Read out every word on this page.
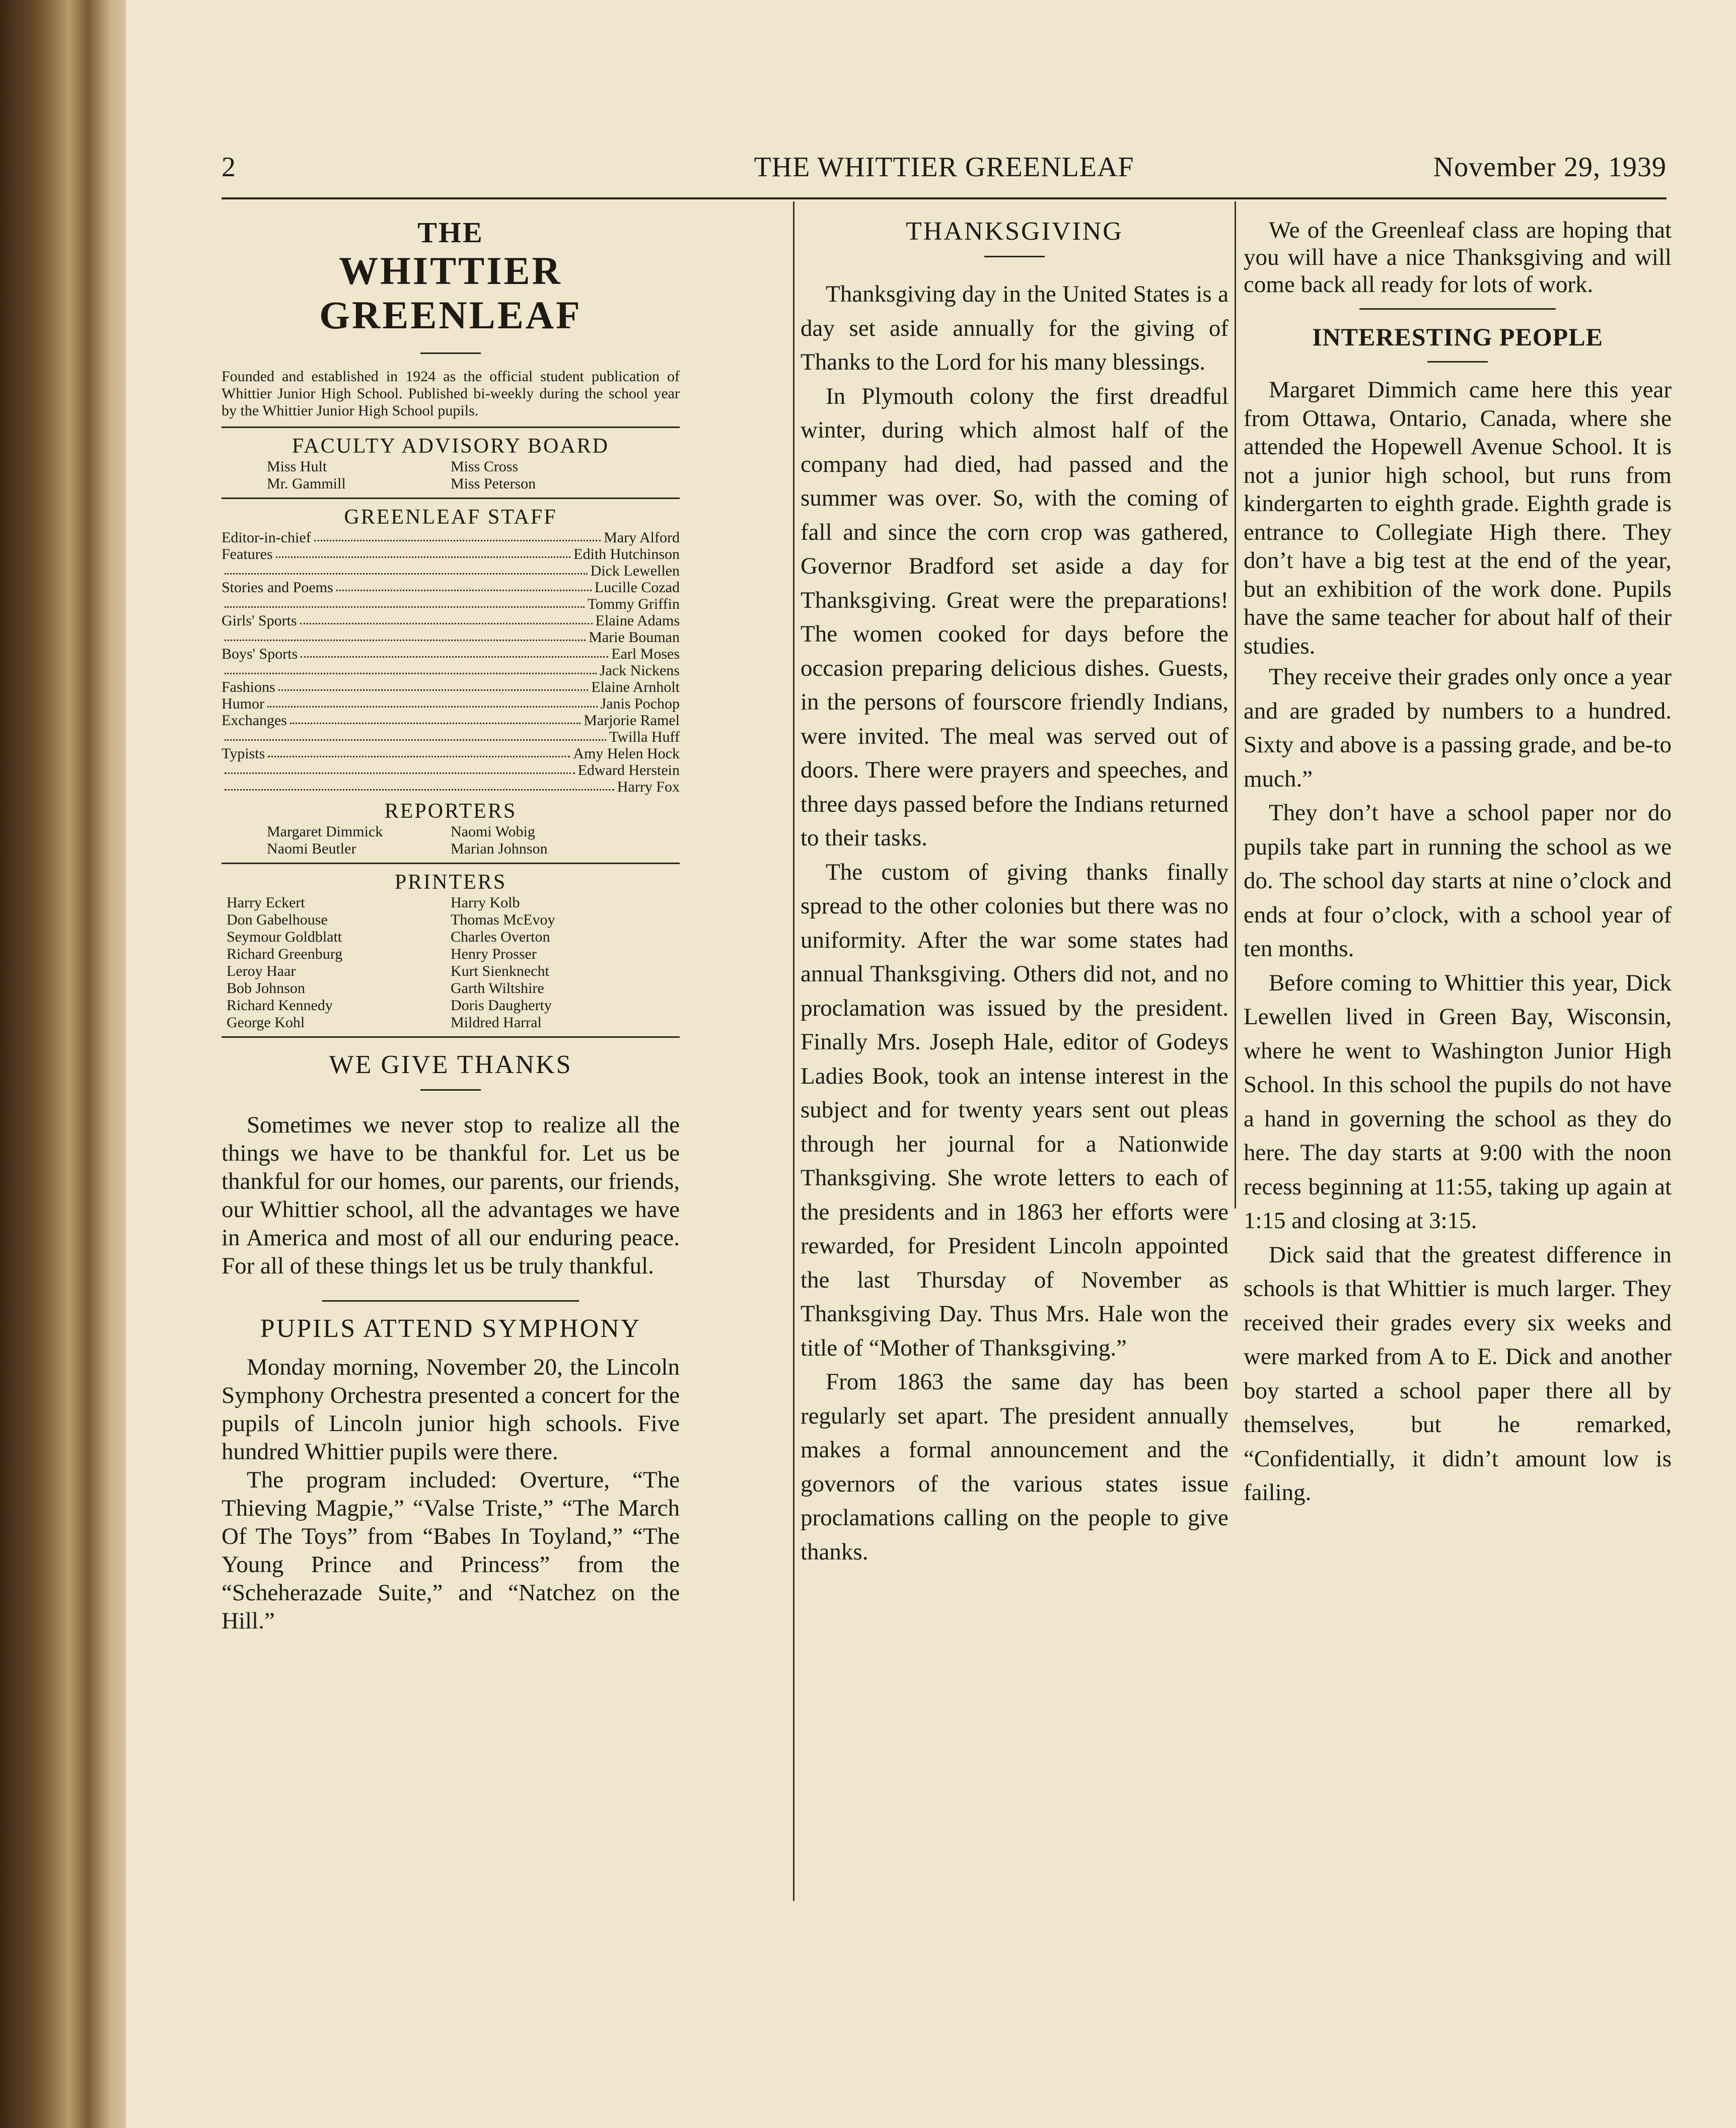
2	THE WHITTIER GREENLEAF	November 29, 1939
THE
WHITTIER GREENLEAF

Founded and established in 1924 as the official student publication of Whittier Junior High School. Published bi-weekly during the school year by the Whittier Junior High School pupils.

FACULTY ADVISORY BOARD

Miss Hult	Miss Cross
Mr. Gammill	Miss Peterson

GREENLEAF STAFF

Editor-in-chief	Mary Alford
Features	Edith Hutchinson
Dick Lewellen
Stories and Poems	Lucille Cozad
Tommy Griffin
Girls' Sports	Elaine Adams
Marie Bouman
Boys' Sports	Earl Moses
Jack Nickens
Fashions	Elaine Arnholt
Humor	Janis Pochop
Exchanges	Marjorie Ramel
Twilla Huff
Typists	Amy Helen Hock
Edward Herstein
Harry Fox

REPORTERS

Margaret Dimmick	Naomi Wobig
Naomi Beutler	Marian Johnson

PRINTERS

Harry Eckert	Harry Kolb
Don Gabelhouse	Thomas McEvoy
Seymour Goldblatt	Charles Overton
Richard Greenburg	Henry Prosser
Leroy Haar	Kurt Sienknecht
Bob Johnson	Garth Wiltshire
Richard Kennedy	Doris Daugherty
George Kohl	Mildred Harral
WE GIVE THANKS

Sometimes we never stop to realize all the things we have to be thankful for. Let us be thankful for our homes, our parents, our friends, our Whittier school, all the advantages we have in America and most of all our enduring peace. For all of these things let us be truly thankful.

PUPILS ATTEND SYMPHONY

Monday morning, November 20, the Lincoln Symphony Orchestra presented a concert for the pupils of Lincoln junior high schools. Five hundred Whittier pupils were there.

The program included: Overture, “The Thieving Magpie,” “Valse Triste,” “The March Of The Toys” from “Babes In Toyland,” “The Young Prince and Princess” from the “Scheherazade Suite,” and “Natchez on the Hill.”

THANKSGIVING

Thanksgiving day in the United States is a day set aside annually for the giving of Thanks to the Lord for his many blessings.

In Plymouth colony the first dreadful winter, during which almost half of the company had died, had passed and the summer was over. So, with the coming of fall and since the corn crop was gathered, Governor Bradford set aside a day for Thanksgiving. Great were the preparations! The women cooked for days before the occasion preparing delicious dishes. Guests, in the persons of fourscore friendly Indians, were invited. The meal was served out of doors. There were prayers and speeches, and three days passed before the Indians returned to their tasks.

The custom of giving thanks finally spread to the other colonies but there was no uniformity. After the war some states had annual Thanksgiving. Others did not, and no proclamation was issued by the president. Finally Mrs. Joseph Hale, editor of Godeys Ladies Book, took an intense interest in the subject and for twenty years sent out pleas through her journal for a Nationwide Thanksgiving. She wrote letters to each of the presidents and in 1863 her efforts were rewarded, for President Lincoln appointed the last Thursday of November as Thanksgiving Day. Thus Mrs. Hale won the title of “Mother of Thanksgiving.”

From 1863 the same day has been regularly set apart. The president annually makes a formal announcement and the governors of the various states issue proclamations calling on the people to give thanks.

We of the Greenleaf class are hoping that you will have a nice Thanksgiving and will come back all ready for lots of work.

INTERESTING PEOPLE

Margaret Dimmich came here this year from Ottawa, Ontario, Canada, where she attended the Hopewell Avenue School. It is not a junior high school, but runs from kindergarten to eighth grade. Eighth grade is entrance to Collegiate High there. They don’t have a big test at the end of the year, but an exhibition of the work done. Pupils have the same teacher for about half of their studies.

They receive their grades only once a year and are graded by numbers to a hundred. Sixty and above is a passing grade, and be-to much.”

They don’t have a school paper nor do pupils take part in running the school as we do. The school day starts at nine o’clock and ends at four o’clock, with a school year of ten months.

Before coming to Whittier this year, Dick Lewellen lived in Green Bay, Wisconsin, where he went to Washington Junior High School. In this school the pupils do not have a hand in governing the school as they do here. The day starts at 9:00 with the noon recess beginning at 11:55, taking up again at 1:15 and closing at 3:15.

Dick said that the greatest difference in schools is that Whittier is much larger. They received their grades every six weeks and were marked from A to E. Dick and another boy started a school paper there all by themselves, but he remarked, “Confidentially, it didn’t amount low is failing.
